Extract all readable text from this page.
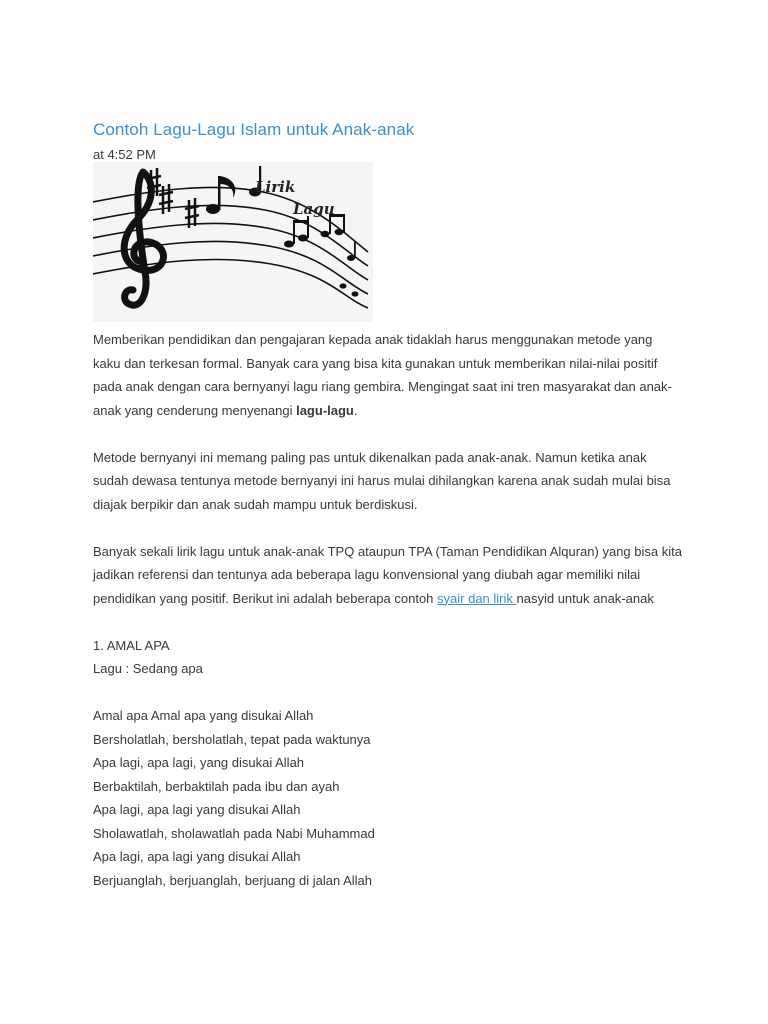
Contoh Lagu-Lagu Islam untuk Anak-anak
at 4:52 PM
Lirik
Lagu

Memberikan pendidikan dan pengajaran kepada anak tidaklah harus menggunakan metode yang kaku dan terkesan formal. Banyak cara yang bisa kita gunakan untuk memberikan nilai-nilai positif pada anak dengan cara bernyanyi lagu riang gembira. Mengingat saat ini tren masyarakat dan anak-anak yang cenderung menyenangi lagu-lagu.

Metode bernyanyi ini memang paling pas untuk dikenalkan pada anak-anak. Namun ketika anak sudah dewasa tentunya metode bernyanyi ini harus mulai dihilangkan karena anak sudah mulai bisa diajak berpikir dan anak sudah mampu untuk berdiskusi.

Banyak sekali lirik lagu untuk anak-anak TPQ ataupun TPA (Taman Pendidikan Alquran) yang bisa kita jadikan referensi dan tentunya ada beberapa lagu konvensional yang diubah agar memiliki nilai pendidikan yang positif. Berikut ini adalah beberapa contoh syair dan lirik nasyid untuk anak-anak

1. AMAL APA
Lagu : Sedang apa
Amal apa Amal apa yang disukai Allah
Bersholatlah, bersholatlah, tepat pada waktunya
Apa lagi, apa lagi, yang disukai Allah
Berbaktilah, berbaktilah pada ibu dan ayah
Apa lagi, apa lagi yang disukai Allah
Sholawatlah, sholawatlah pada Nabi Muhammad
Apa lagi, apa lagi yang disukai Allah
Berjuanglah, berjuanglah, berjuang di jalan Allah
